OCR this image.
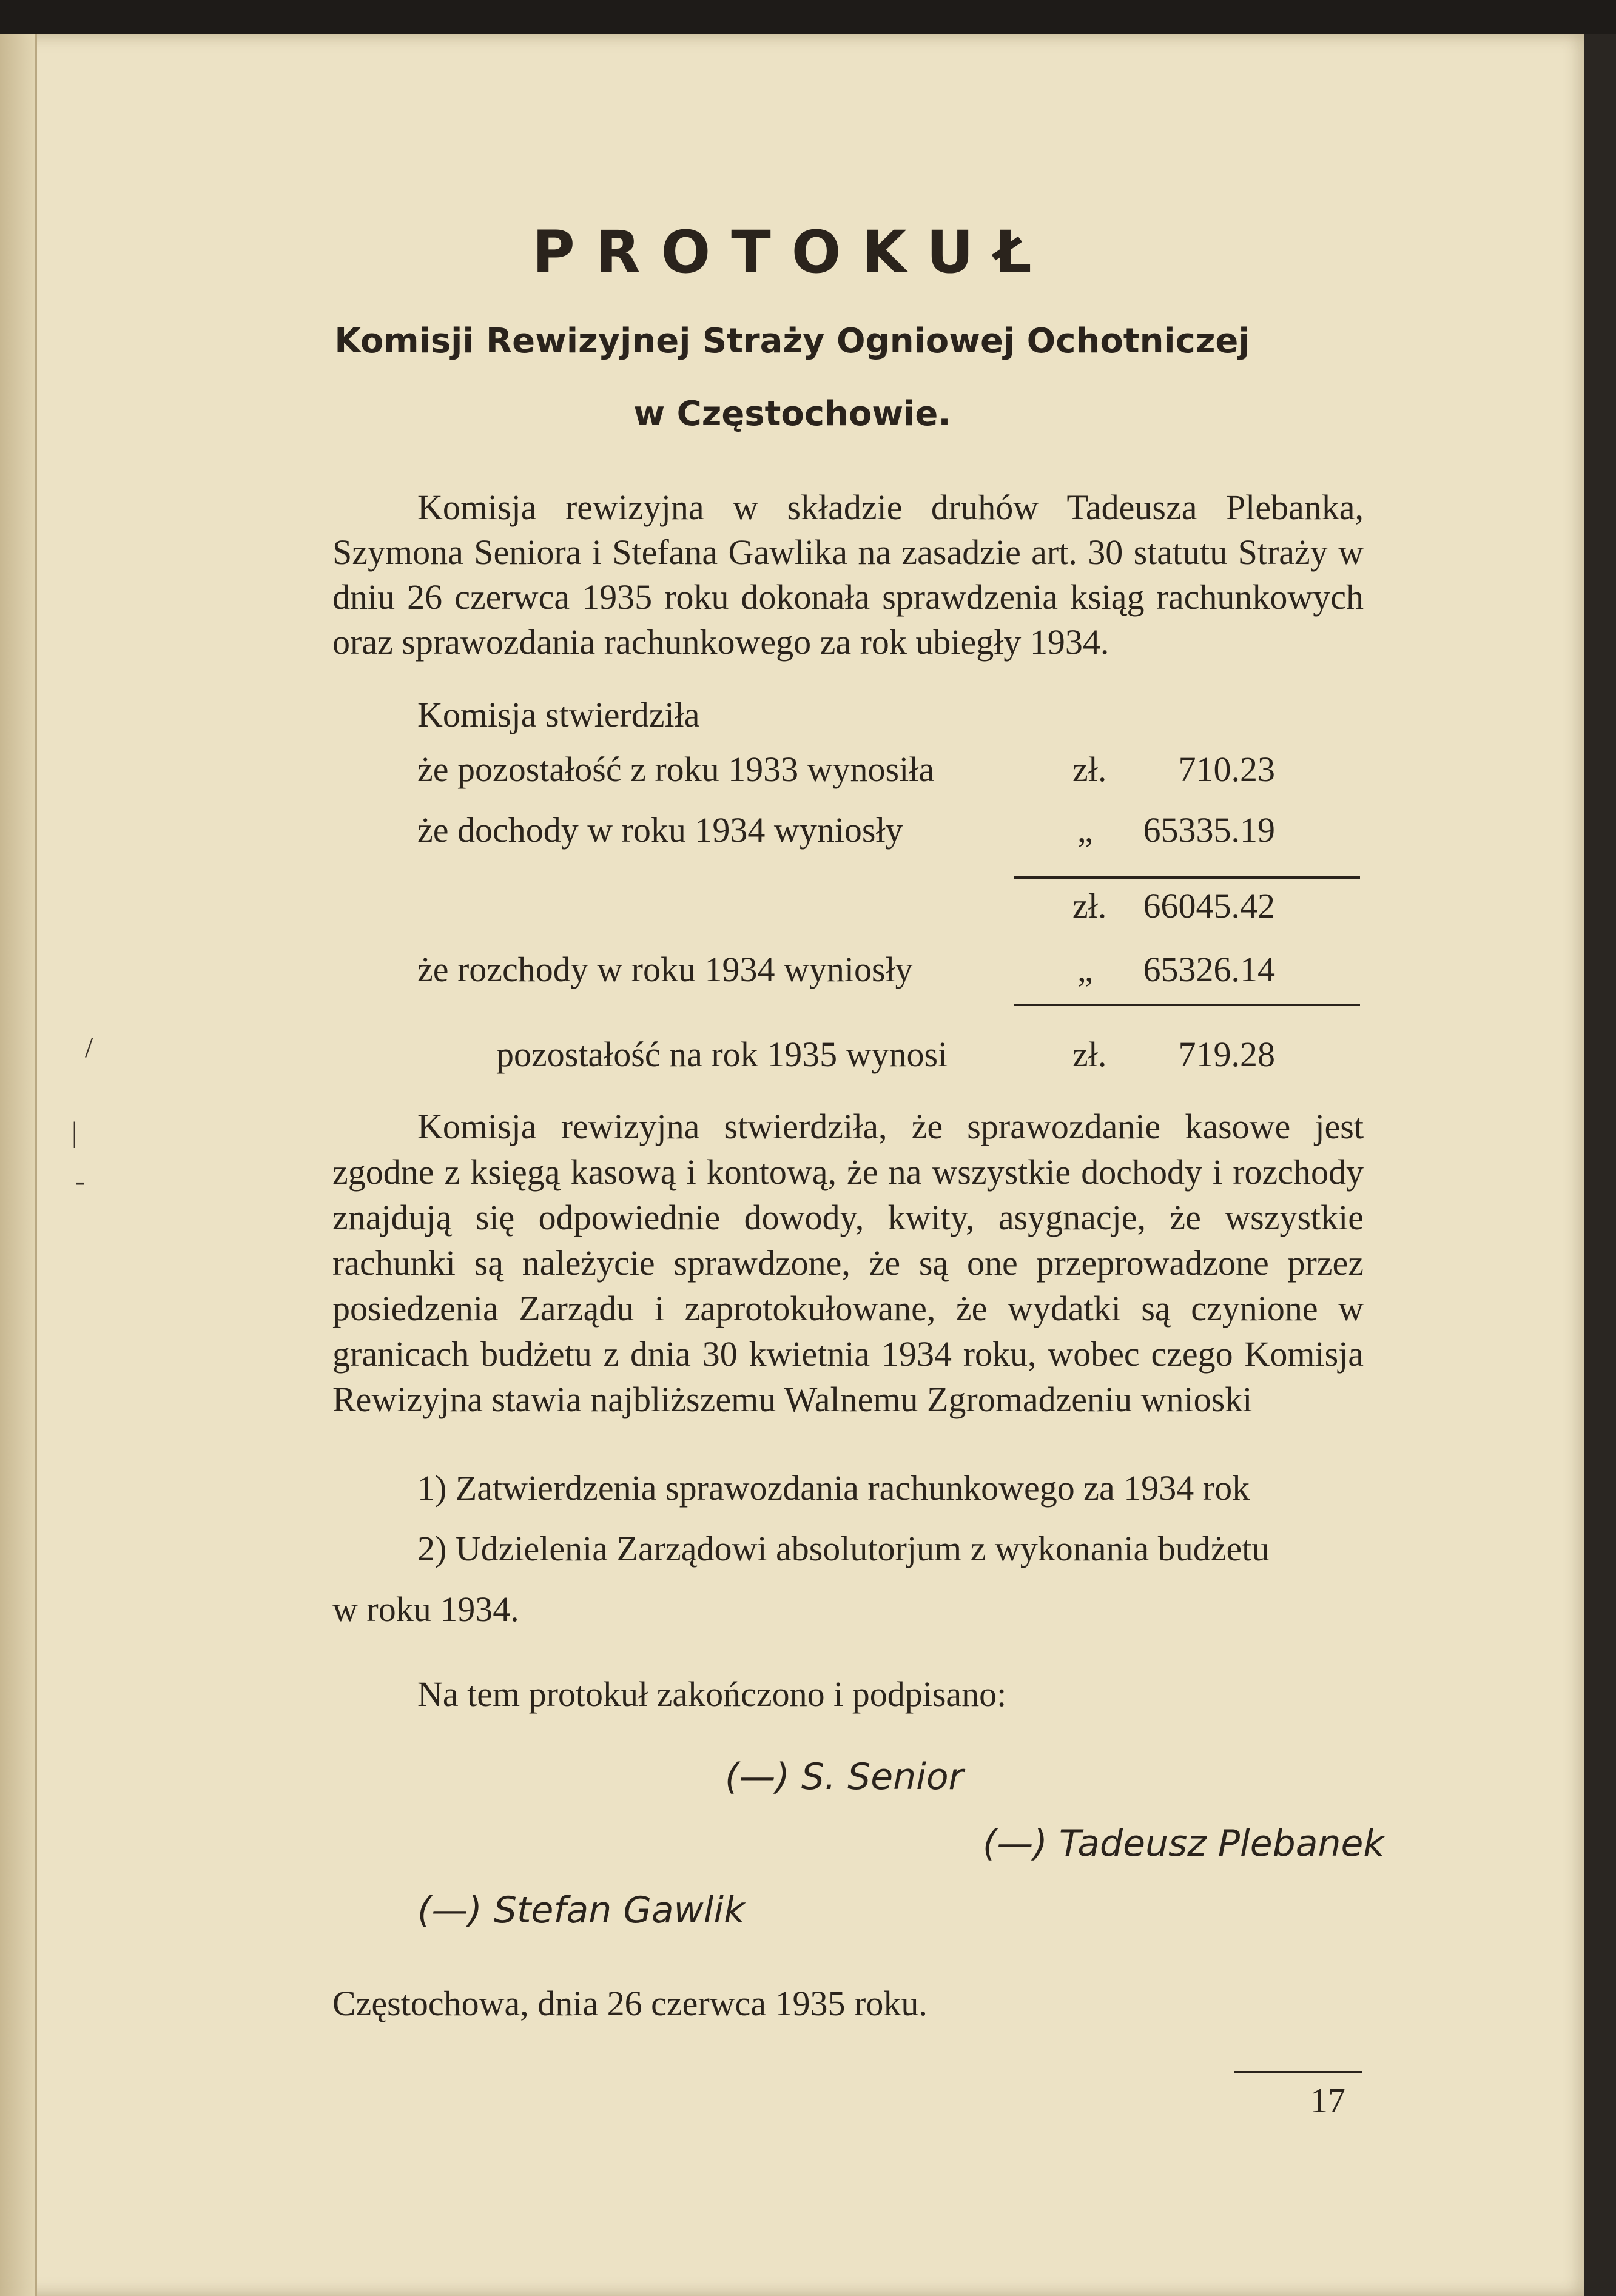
PROTOKUŁ
Komisji Rewizyjnej Straży Ogniowej Ochotniczej
w Częstochowie.
Komisja rewizyjna w składzie druhów Tadeusza Plebanka, Szymona Seniora i Stefana Gawlika na zasadzie art. 30 statutu Straży w dniu 26 czerwca 1935 roku dokonała sprawdzenia ksiąg rachunkowych oraz sprawozdania rachunkowego za rok ubiegły 1934.
Komisja stwierdziła
że pozostałość z roku 1933 wynosiła	zł. 710.23
że dochody w roku 1934 wyniosły	„	65335.19
zł.	66045.42
że rozchody w roku 1934 wyniosły	„	65326.14
pozostałość na rok 1935 wynosi	zł. 719.28
Komisja rewizyjna stwierdziła, że sprawozdanie kasowe jest zgodne z księgą kasową i kontową, że na wszystkie dochody i rozchody znajdują się odpowiednie dowody, kwity, asygnacje, że wszystkie rachunki są należycie sprawdzone, że są one przeprowadzone przez posiedzenia Zarządu i zaprotokułowane, że wydatki są czynione w granicach budżetu z dnia 30 kwietnia 1934 roku, wobec czego Komisja Rewizyjna stawia najbliższemu Walnemu Zgromadzeniu wnioski
1) Zatwierdzenia sprawozdania rachunkowego za 1934 rok
2) Udzielenia Zarządowi absolutorjum z wykonania budżetu
w roku 1934.
Na tem protokuł zakończono i podpisano:
(—) S. Senior
(—) Tadeusz Plebanek
(—) Stefan Gawlik
Częstochowa, dnia 26 czerwca 1935 roku.
17
/
|
-
